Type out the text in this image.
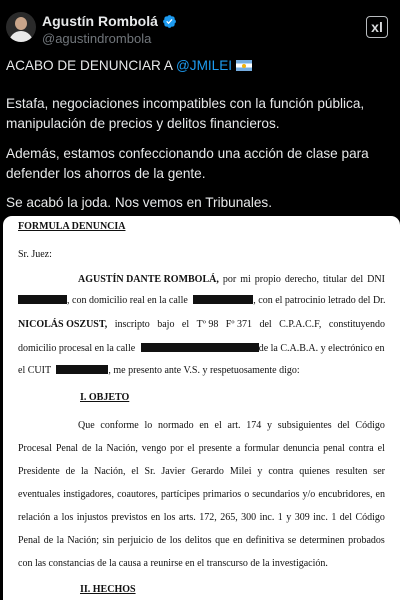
Agustín Rombolá
@agustindrombola
xl

ACABO DE DENUNCIAR A @JMILEI

Estafa, negociaciones incompatibles con la función pública, manipulación de precios y delitos financieros.

Además, estamos confeccionando una acción de clase para defender los ahorros de la gente.

Se acabó la joda. Nos vemos en Tribunales.

FORMULA DENUNCIA
Sr. Juez:
AGUSTÍN DANTE ROMBOLÁ, por mi propio derecho, titular del DNI
, con domicilio real en la calle	, con el patrocinio letrado del Dr.
NICOLÁS OSZUST, inscripto bajo el Tº 98 Fº 371 del C.P.A.C.F, constituyendo
domicilio procesal en la calle	de la C.A.B.A. y electrónico en
el CUIT	, me presento ante V.S. y respetuosamente digo:
I. OBJETO
Que conforme lo normado en el art. 174 y subsiguientes del Código
Procesal Penal de la Nación, vengo por el presente a formular denuncia penal contra el
Presidente de la Nación, el Sr. Javier Gerardo Milei y contra quienes resulten ser
eventuales instigadores, coautores, partícipes primarios o secundarios y/o encubridores, en
relación a los injustos previstos en los arts. 172, 265, 300 inc. 1 y 309 inc. 1 del Código
Penal de la Nación; sin perjuicio de los delitos que en definitiva se determinen probados
con las constancias de la causa a reunirse en el transcurso de la investigación.
II. HECHOS
